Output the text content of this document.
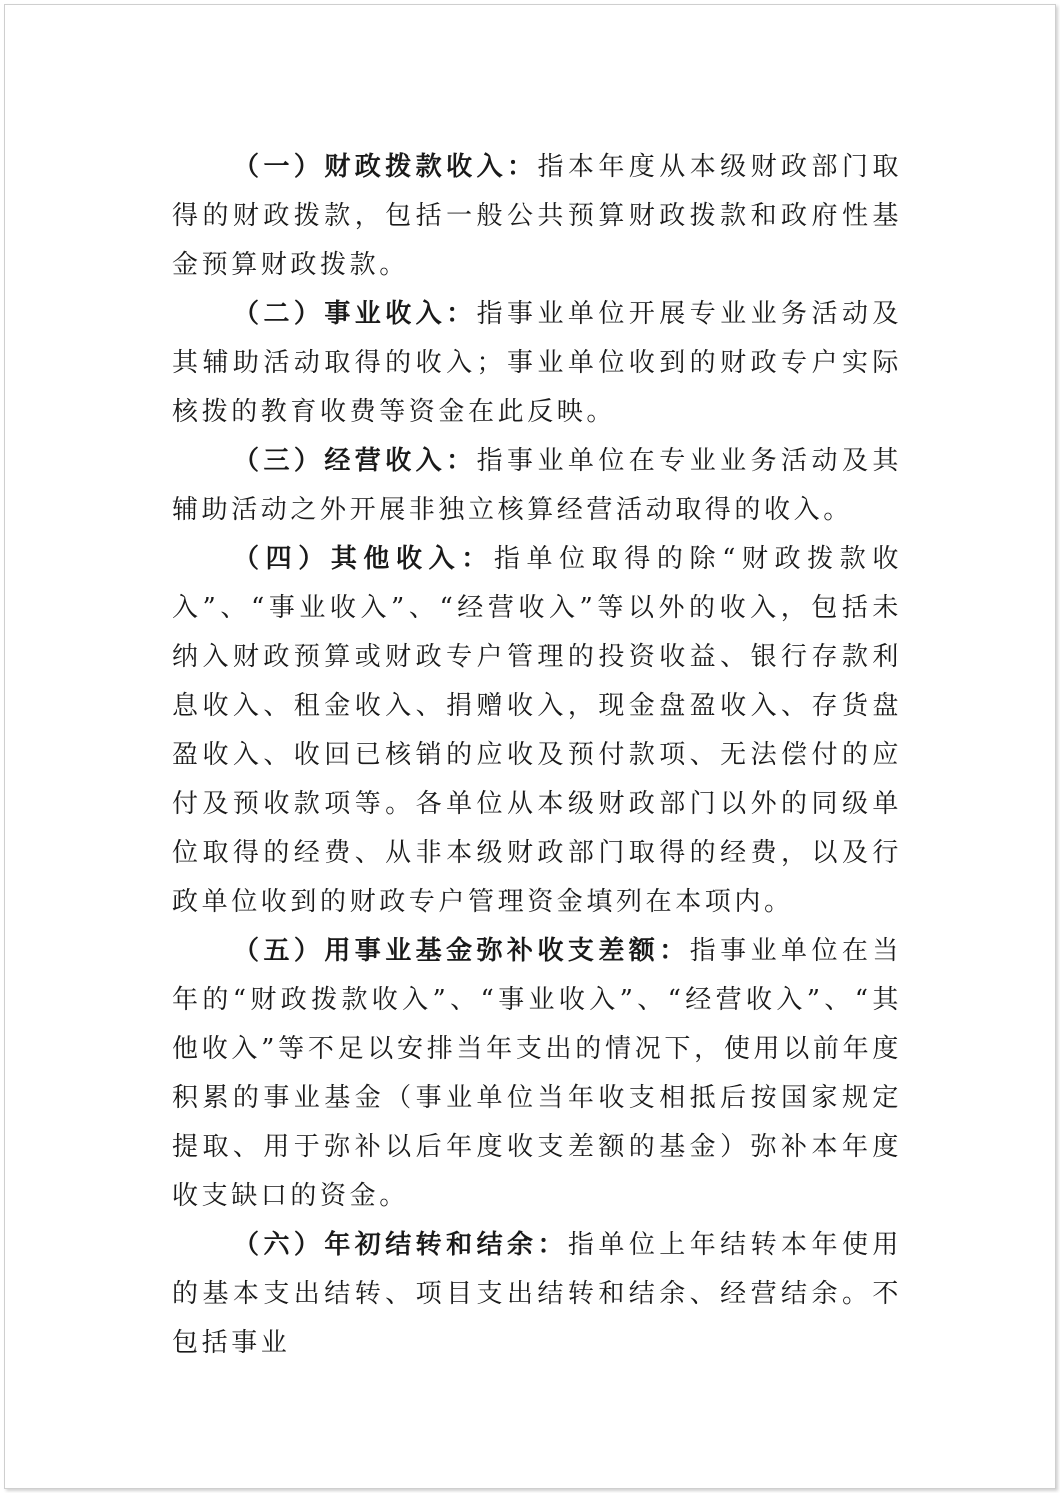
（一）财政拨款收入：指本年度从本级财政部门取得的财政拨款，包括一般公共预算财政拨款和政府性基金预算财政拨款。

（二）事业收入：指事业单位开展专业业务活动及其辅助活动取得的收入；事业单位收到的财政专户实际核拨的教育收费等资金在此反映。

（三）经营收入：指事业单位在专业业务活动及其辅助活动之外开展非独立核算经营活动取得的收入。

（四）其他收入：指单位取得的除“财政拨款收入”、“事业收入”、“经营收入”等以外的收入，包括未纳入财政预算或财政专户管理的投资收益、银行存款利息收入、租金收入、捐赠收入，现金盘盈收入、存货盘盈收入、收回已核销的应收及预付款项、无法偿付的应付及预收款项等。各单位从本级财政部门以外的同级单位取得的经费、从非本级财政部门取得的经费，以及行政单位收到的财政专户管理资金填列在本项内。

（五）用事业基金弥补收支差额：指事业单位在当年的“财政拨款收入”、“事业收入”、“经营收入”、“其他收入”等不足以安排当年支出的情况下，使用以前年度积累的事业基金（事业单位当年收支相抵后按国家规定提取、用于弥补以后年度收支差额的基金）弥补本年度收支缺口的资金。

（六）年初结转和结余：指单位上年结转本年使用的基本支出结转、项目支出结转和结余、经营结余。不包括事业
